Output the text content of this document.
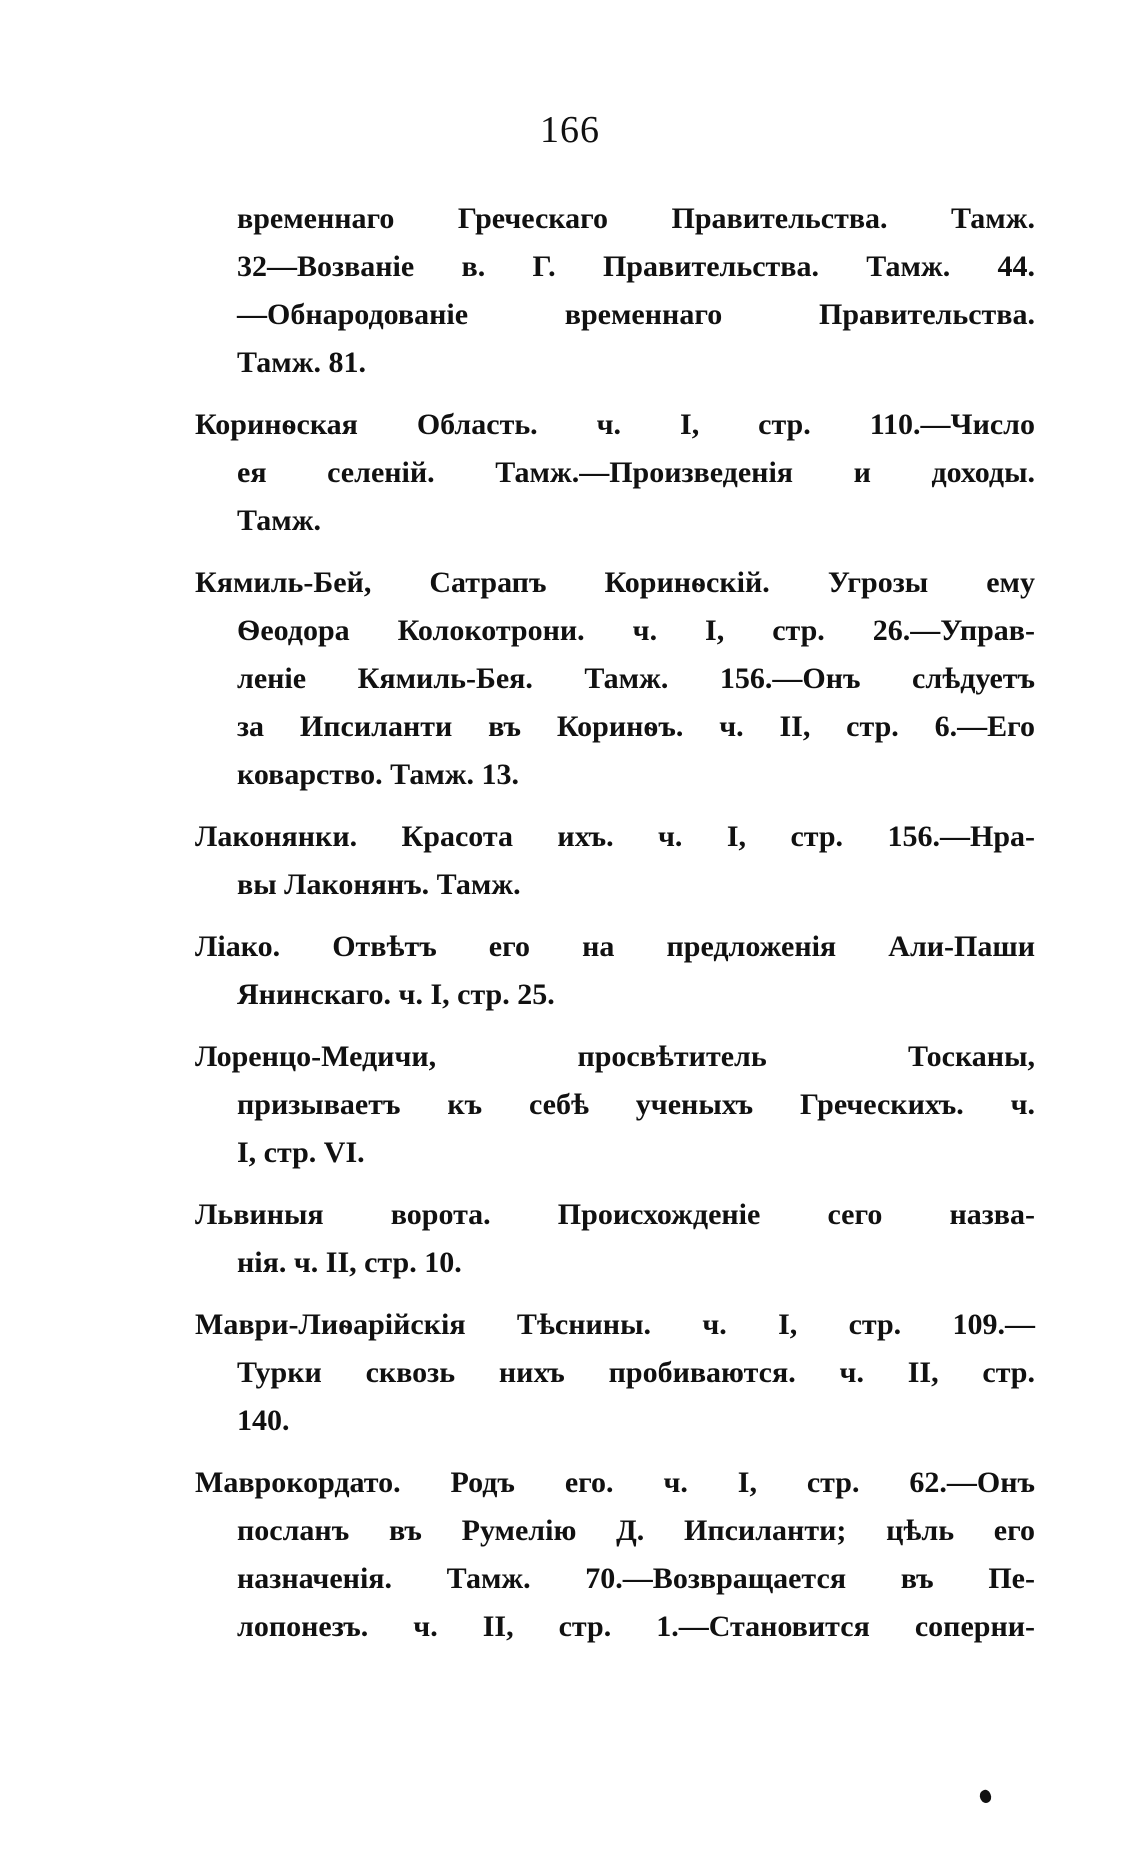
166
временнаго Греческаго Правительства. Тамж.
32—Возваніе в. Г. Правительства. Тамж. 44.
—Обнародованіе временнаго Правительства.
Тамж. 81.
Коринѳская Область. ч. I, стр. 110.—Число
ея селеній. Тамж.—Произведенія и доходы.
Тамж.
Кямиль-Бей, Сатрапъ Коринѳскій. Угрозы ему
Ѳеодора Колокотрони. ч. I, стр. 26.—Управ-
леніе Кямиль-Бея. Тамж. 156.—Онъ слѣдуетъ
за Ипсиланти въ Коринѳъ. ч. II, стр. 6.—Его
коварство. Тамж. 13.
Лаконянки. Красота ихъ. ч. I, стр. 156.—Нра-
вы Лаконянъ. Тамж.
Ліако. Отвѣтъ его на предложенія Али-Паши
Янинскаго. ч. I, стр. 25.
Лоренцо-Медичи, просвѣтитель Тосканы,
призываетъ къ себѣ ученыхъ Греческихъ. ч.
I, стр. VI.
Львиныя ворота. Происхожденіе сего назва-
нія. ч. II, стр. 10.
Маври-Лиѳарійскія Тѣснины. ч. I, стр. 109.—
Турки сквозь нихъ пробиваются. ч. II, стр.
140.
Маврокордато. Родъ его. ч. I, стр. 62.—Онъ
посланъ въ Румелію Д. Ипсиланти; цѣль его
назначенія. Тамж. 70.—Возвращается въ Пе-
лопонезъ. ч. II, стр. 1.—Становится соперни-
